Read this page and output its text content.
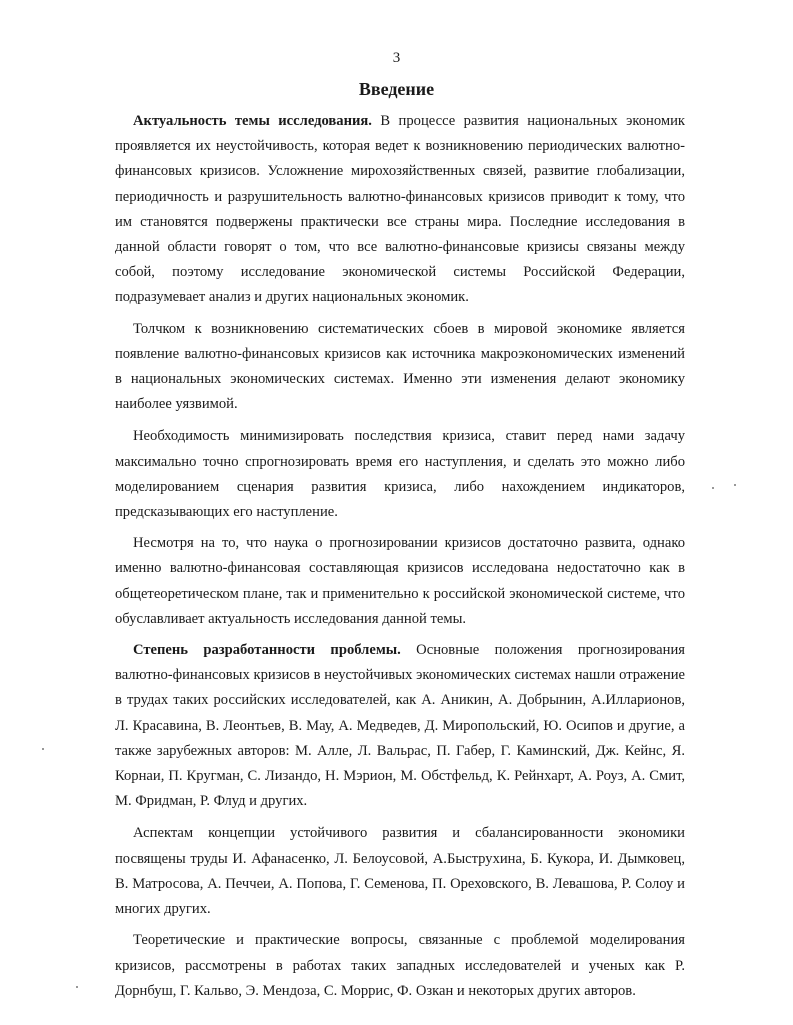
3
Введение

Актуальность темы исследования. В процессе развития национальных экономик проявляется их неустойчивость, которая ведет к возникновению периодических валютно-финансовых кризисов. Усложнение мирохозяйственных связей, развитие глобализации, периодичность и разрушительность валютно-финансовых кризисов приводит к тому, что им становятся подвержены практически все страны мира. Последние исследования в данной области говорят о том, что все валютно-финансовые кризисы связаны между собой, поэтому исследование экономической системы Российской Федерации, подразумевает анализ и других национальных экономик.

Толчком к возникновению систематических сбоев в мировой экономике является появление валютно-финансовых кризисов как источника макроэкономических изменений в национальных экономических системах. Именно эти изменения делают экономику наиболее уязвимой.

Необходимость минимизировать последствия кризиса, ставит перед нами задачу максимально точно спрогнозировать время его наступления, и сделать это можно либо моделированием сценария развития кризиса, либо нахождением индикаторов, предсказывающих его наступление.

Несмотря на то, что наука о прогнозировании кризисов достаточно развита, однако именно валютно-финансовая составляющая кризисов исследована недостаточно как в общетеоретическом плане, так и применительно к российской экономической системе, что обуславливает актуальность исследования данной темы.

Степень разработанности проблемы. Основные положения прогнозирования валютно-финансовых кризисов в неустойчивых экономических системах нашли отражение в трудах таких российских исследователей, как А. Аникин, А. Добрынин, А.Илларионов, Л. Красавина, В. Леонтьев, В. Мау, А. Медведев, Д. Миропольский, Ю. Осипов и другие, а также зарубежных авторов: М. Алле, Л. Вальрас, П. Габер, Г. Каминский, Дж. Кейнс, Я. Корнаи, П. Кругман, С. Лизандо, Н. Мэрион, М. Обстфельд, К. Рейнхарт, А. Роуз, А. Смит, М. Фридман, Р. Флуд и других.

Аспектам концепции устойчивого развития и сбалансированности экономики посвящены труды И. Афанасенко, Л. Белоусовой, А.Быструхина, Б. Кукора, И. Дымковец, В. Матросова, А. Печчеи, А. Попова, Г. Семенова, П. Ореховского, В. Левашова, Р. Солоу и многих других.

Теоретические и практические вопросы, связанные с проблемой моделирования кризисов, рассмотрены в работах таких западных исследователей и ученых как Р. Дорнбуш, Г. Кальво, Э. Мендоза, С. Моррис, Ф. Озкан и некоторых других авторов.
